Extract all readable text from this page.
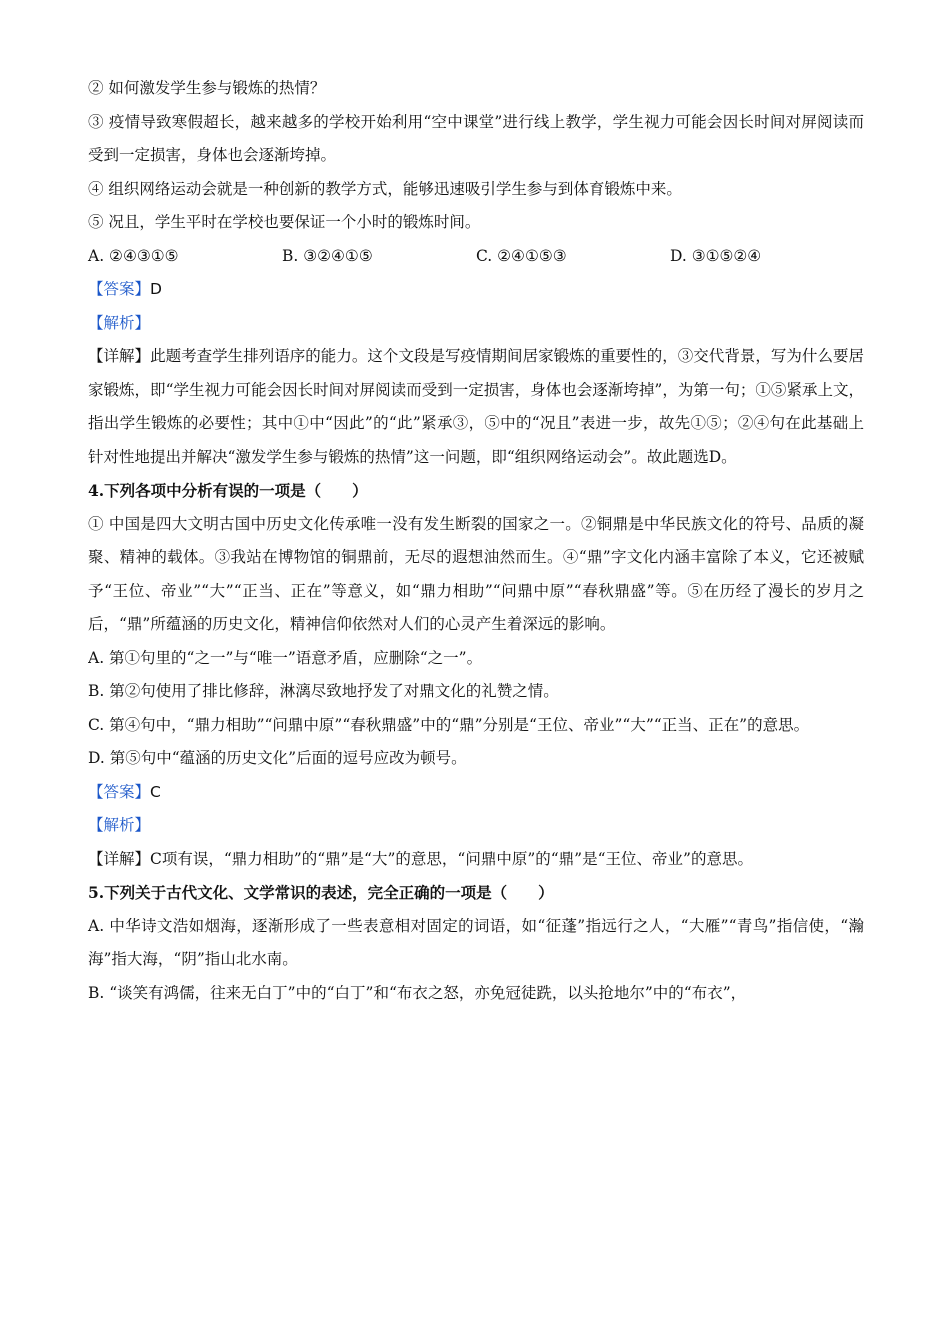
② 如何激发学生参与锻炼的热情？
③ 疫情导致寒假超长，越来越多的学校开始利用“空中课堂”进行线上教学，学生视力可能会因长时间对屏阅读而受到一定损害，身体也会逐渐垮掉。
④ 组织网络运动会就是一种创新的教学方式，能够迅速吸引学生参与到体育锻炼中来。
⑤ 况且，学生平时在学校也要保证一个小时的锻炼时间。
A. ②④③①⑤	B. ③②④①⑤	C. ②④①⑤③	D. ③①⑤②④
【答案】D
【解析】
【详解】此题考查学生排列语序的能力。这个文段是写疫情期间居家锻炼的重要性的，③交代背景，写为什么要居家锻炼，即“学生视力可能会因长时间对屏阅读而受到一定损害，身体也会逐渐垮掉”，为第一句；①⑤紧承上文，指出学生锻炼的必要性；其中①中“因此”的“此”紧承③，⑤中的“况且”表进一步，故先①⑤；②④句在此基础上针对性地提出并解决“激发学生参与锻炼的热情”这一问题，即“组织网络运动会”。故此题选D。
4.下列各项中分析有误的一项是（　　）
① 中国是四大文明古国中历史文化传承唯一没有发生断裂的国家之一。②铜鼎是中华民族文化的符号、品质的凝聚、精神的载体。③我站在博物馆的铜鼎前，无尽的遐想油然而生。④“鼎”字文化内涵丰富除了本义，它还被赋予“王位、帝业”“大”“正当、正在”等意义，如“鼎力相助”“问鼎中原”“春秋鼎盛”等。⑤在历经了漫长的岁月之后，“鼎”所蕴涵的历史文化，精神信仰依然对人们的心灵产生着深远的影响。
A. 第①句里的“之一”与“唯一”语意矛盾，应删除“之一”。
B. 第②句使用了排比修辞，淋漓尽致地抒发了对鼎文化的礼赞之情。
C. 第④句中，“鼎力相助”“问鼎中原”“春秋鼎盛”中的“鼎”分别是“王位、帝业”“大”“正当、正在”的意思。
D. 第⑤句中“蕴涵的历史文化”后面的逗号应改为顿号。
【答案】C
【解析】
【详解】C项有误，“鼎力相助”的“鼎”是“大”的意思，“问鼎中原”的“鼎”是“王位、帝业”的意思。
5.下列关于古代文化、文学常识的表述，完全正确的一项是（　　）
A. 中华诗文浩如烟海，逐渐形成了一些表意相对固定的词语，如“征蓬”指远行之人，“大雁”“青鸟”指信使，“瀚海”指大海，“阴”指山北水南。
B. “谈笑有鸿儒，往来无白丁”中的“白丁”和“布衣之怒，亦免冠徒跣，以头抢地尔”中的“布衣”，
